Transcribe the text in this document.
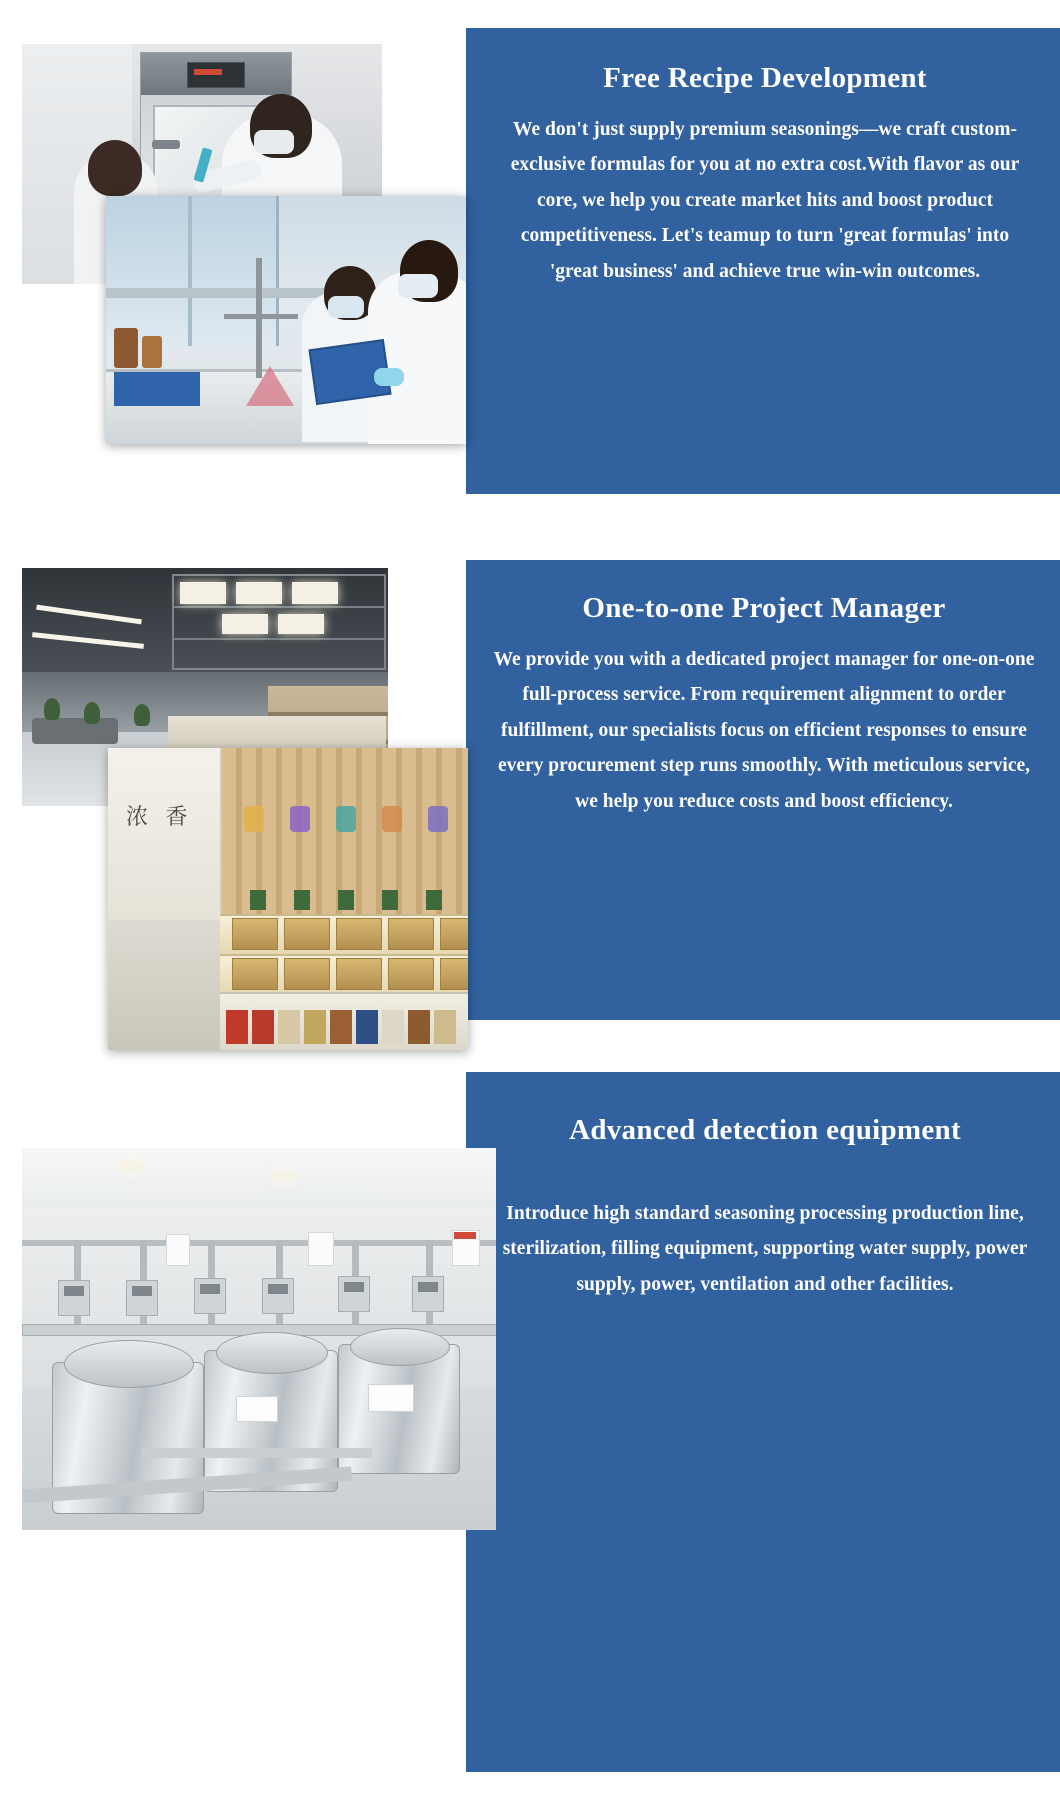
Free Recipe Development

We don't just supply premium seasonings—we craft custom-exclusive formulas for you at no extra cost.With flavor as our core, we help you create market hits and boost product competitiveness. Let's teamup to turn 'great formulas' into 'great business' and achieve true win-win outcomes.

One-to-one Project Manager

We provide you with a dedicated project manager for one-on-one full-process service. From requirement alignment to order fulfillment, our specialists focus on efficient responses to ensure every procurement step runs smoothly. With meticulous service, we help you reduce costs and boost efficiency.

浓 香
Advanced detection equipment

Introduce high standard seasoning processing production line, sterilization, filling equipment, supporting water supply, power supply, power, ventilation and other facilities.
